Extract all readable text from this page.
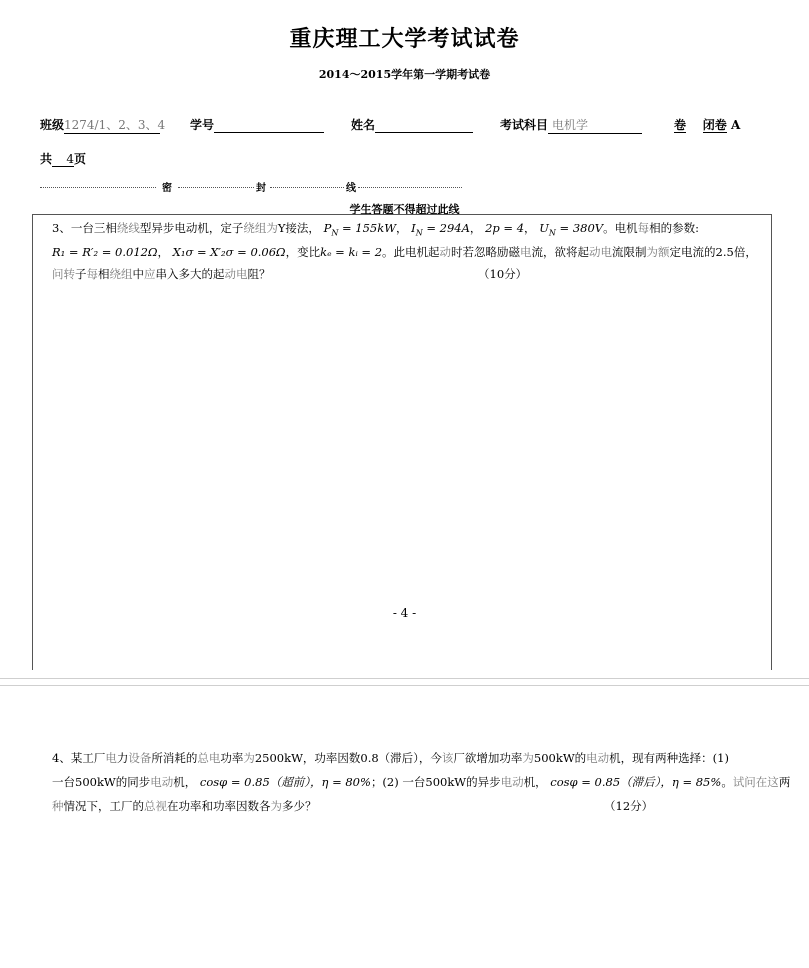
重庆理工大学考试试卷
2014～2015学年第一学期考试卷
班级1274/1、2、3、4 学号	姓名	考试科目 电机学	卷 闭卷 A
共 4页
密	封	线
学生答题不得超过此线
3、一台三相绕线型异步电动机，定子绕组为Y接法， $P_N = 155kW$， $I_N = 294A$， 2p = 4， $U_N = 380V$。电机每相的参数:
R₁ = R′₂ = 0.012Ω， X₁σ = X′₂σ = 0.06Ω，变比kₑ = kᵢ = 2。此电机起动时若忽略励磁电流，欲将起动电流限制为额定电流的2.5倍，
问转子每相绕组中应串入多大的起动电阻？	（10分）
- 4 -
4、某工厂电力设备所消耗的总电功率为2500kW，功率因数0.8（滞后），今该厂欲增加功率为500kW的电动机，现有两种选择：(1)
一台500kW的同步电动机， cosφ = 0.85（超前），η = 80%；(2) 一台500kW的异步电动机， cosφ = 0.85（滞后），η = 85%。试问在这两
种情况下，工厂的总视在功率和功率因数各为多少？	（12分）
